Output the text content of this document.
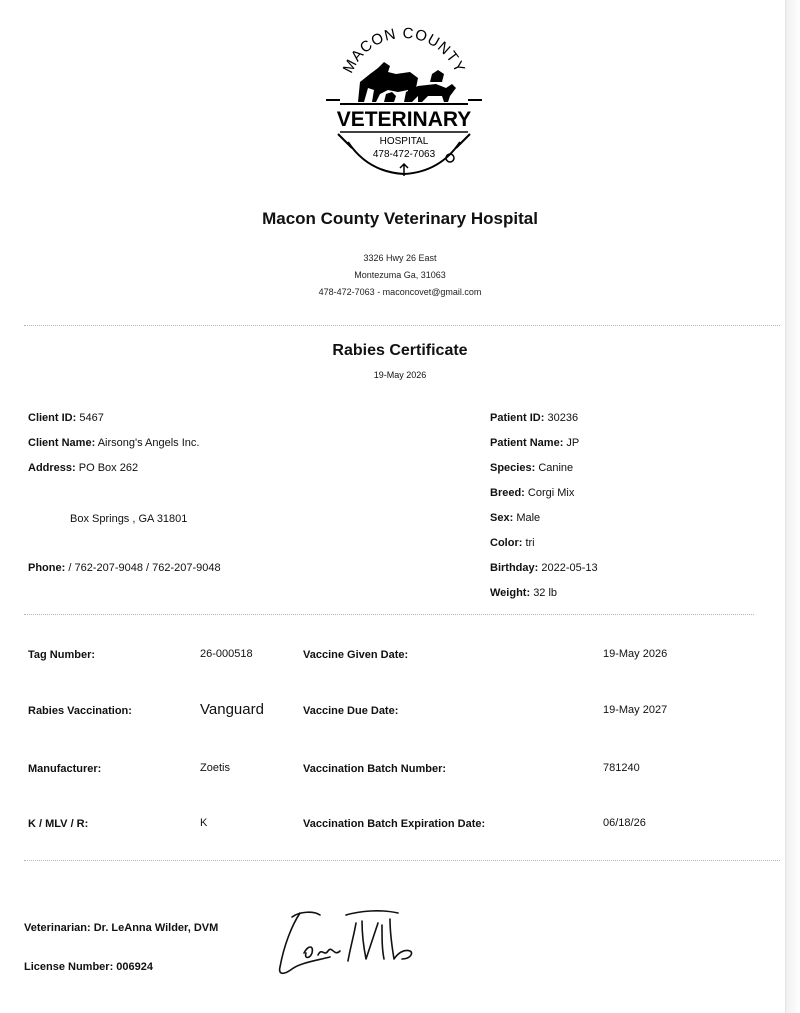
MACON COUNTY
VETERINARY
HOSPITAL
478-472-7063
Macon County Veterinary Hospital
3326 Hwy 26 East
Montezuma Ga, 31063
478-472-7063 - maconcovet@gmail.com
Rabies Certificate
19-May 2026
Client ID: 5467
Client Name: Airsong's Angels Inc.
Address: PO Box 262
Box Springs , GA 31801
Phone: / 762-207-9048 / 762-207-9048
Patient ID: 30236
Patient Name: JP
Species: Canine
Breed: Corgi Mix
Sex: Male
Color: tri
Birthday: 2022-05-13
Weight: 32 lb
Tag Number:	26-000518	Vaccine Given Date:	19-May 2026
Rabies Vaccination:	Vanguard	Vaccine Due Date:	19-May 2027
Manufacturer:	Zoetis	Vaccination Batch Number:	781240
K / MLV / R:	K	Vaccination Batch Expiration Date:	06/18/26
Veterinarian: Dr. LeAnna Wilder, DVM
License Number: 006924
